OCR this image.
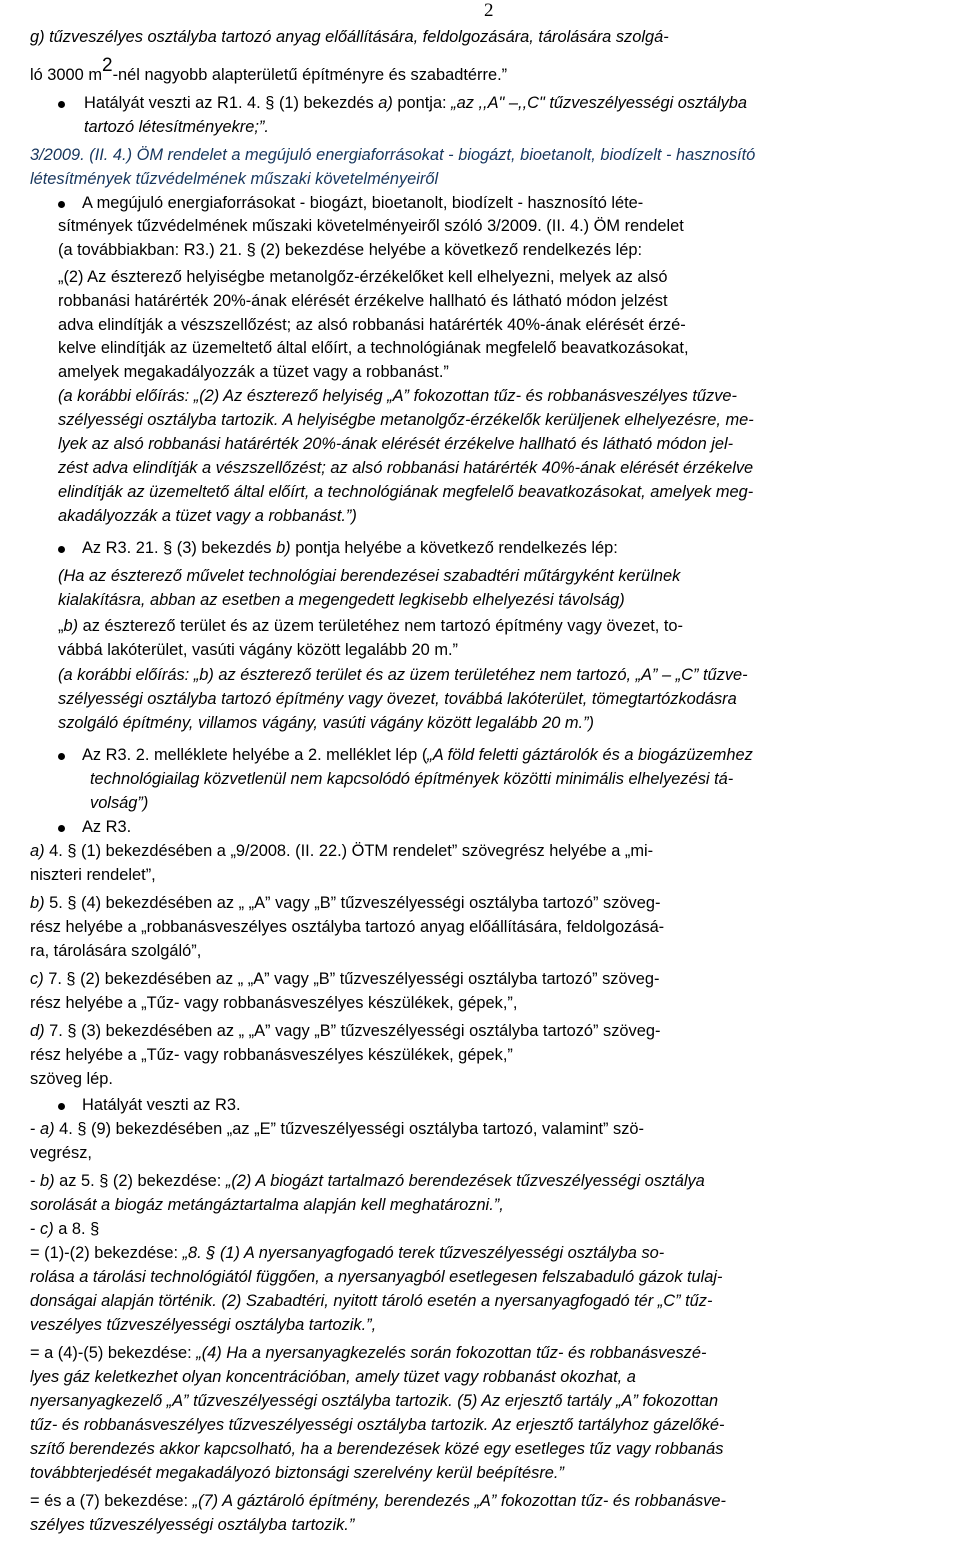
2
g) tűzveszélyes osztályba tartozó anyag előállítására, feldolgozására, tárolására szolgá-
ló 3000 m2-nél nagyobb alapterületű építményre és szabadtérre.”
Hatályát veszti az R1. 4. § (1) bekezdés a) pontja: „az ,,A" –,,C" tűzveszélyességi osztályba
tartozó létesítményekre;”.
3/2009. (II. 4.) ÖM rendelet a megújuló energiaforrásokat - biogázt, bioetanolt, biodízelt - hasznosító
létesítmények tűzvédelmének műszaki követelményeiről
A megújuló energiaforrásokat - biogázt, bioetanolt, biodízelt - hasznosító léte-
sítmények tűzvédelmének műszaki követelményeiről szóló 3/2009. (II. 4.) ÖM rendelet
(a továbbiakban: R3.) 21. § (2) bekezdése helyébe a következő rendelkezés lép:
„(2) Az észterező helyiségbe metanolgőz-érzékelőket kell elhelyezni, melyek az alsó
robbanási határérték 20%-ának elérését érzékelve hallható és látható módon jelzést
adva elindítják a vészszellőzést; az alsó robbanási határérték 40%-ának elérését érzé-
kelve elindítják az üzemeltető által előírt, a technológiának megfelelő beavatkozásokat,
amelyek megakadályozzák a tüzet vagy a robbanást.”
(a korábbi előírás: „(2) Az észterező helyiség „A” fokozottan tűz- és robbanásveszélyes tűzve-
szélyességi osztályba tartozik. A helyiségbe metanolgőz-érzékelők kerüljenek elhelyezésre, me-
lyek az alsó robbanási határérték 20%-ának elérését érzékelve hallható és látható módon jel-
zést adva elindítják a vészszellőzést; az alsó robbanási határérték 40%-ának elérését érzékelve
elindítják az üzemeltető által előírt, a technológiának megfelelő beavatkozásokat, amelyek meg-
akadályozzák a tüzet vagy a robbanást.”)
Az R3. 21. § (3) bekezdés b) pontja helyébe a következő rendelkezés lép:
(Ha az észterező művelet technológiai berendezései szabadtéri műtárgyként kerülnek
kialakításra, abban az esetben a megengedett legkisebb elhelyezési távolság)
„b) az észterező terület és az üzem területéhez nem tartozó építmény vagy övezet, to-
vábbá lakóterület, vasúti vágány között legalább 20 m.”
(a korábbi előírás: „b) az észterező terület és az üzem területéhez nem tartozó, „A” – „C” tűzve-
szélyességi osztályba tartozó építmény vagy övezet, továbbá lakóterület, tömegtartózkodásra
szolgáló építmény, villamos vágány, vasúti vágány között legalább 20 m.”)
Az R3. 2. melléklete helyébe a 2. melléklet lép („A föld feletti gáztárolók és a biogázüzemhez
technológiailag közvetlenül nem kapcsolódó építmények közötti minimális elhelyezési tá-
volság”)
Az R3.
a) 4. § (1) bekezdésében a „9/2008. (II. 22.) ÖTM rendelet” szövegrész helyébe a „mi-
niszteri rendelet”,
b) 5. § (4) bekezdésében az „ „A” vagy „B” tűzveszélyességi osztályba tartozó” szöveg-
rész helyébe a „robbanásveszélyes osztályba tartozó anyag előállítására, feldolgozásá-
ra, tárolására szolgáló”,
c) 7. § (2) bekezdésében az „ „A” vagy „B” tűzveszélyességi osztályba tartozó” szöveg-
rész helyébe a „Tűz- vagy robbanásveszélyes készülékek, gépek,”,
d) 7. § (3) bekezdésében az „ „A” vagy „B” tűzveszélyességi osztályba tartozó” szöveg-
rész helyébe a „Tűz- vagy robbanásveszélyes készülékek, gépek,”
szöveg lép.
Hatályát veszti az R3.
- a) 4. § (9) bekezdésében „az „E” tűzveszélyességi osztályba tartozó, valamint” szö-
vegrész,
- b) az 5. § (2) bekezdése: „(2) A biogázt tartalmazó berendezések tűzveszélyességi osztálya
sorolását a biogáz metángáztartalma alapján kell meghatározni.”,
- c) a 8. §
= (1)-(2) bekezdése: „8. § (1) A nyersanyagfogadó terek tűzveszélyességi osztályba so-
rolása a tárolási technológiától függően, a nyersanyagból esetlegesen felszabaduló gázok tulaj-
donságai alapján történik. (2) Szabadtéri, nyitott tároló esetén a nyersanyagfogadó tér „C” tűz-
veszélyes tűzveszélyességi osztályba tartozik.”,
= a (4)-(5) bekezdése: „(4) Ha a nyersanyagkezelés során fokozottan tűz- és robbanásveszé-
lyes gáz keletkezhet olyan koncentrációban, amely tüzet vagy robbanást okozhat, a
nyersanyagkezelő „A” tűzveszélyességi osztályba tartozik. (5) Az erjesztő tartály „A” fokozottan
tűz- és robbanásveszélyes tűzveszélyességi osztályba tartozik. Az erjesztő tartályhoz gázelőké-
szítő berendezés akkor kapcsolható, ha a berendezések közé egy esetleges tűz vagy robbanás
továbbterjedését megakadályozó biztonsági szerelvény kerül beépítésre.”
= és a (7) bekezdése: „(7) A gáztároló építmény, berendezés „A” fokozottan tűz- és robbanásve-
szélyes tűzveszélyességi osztályba tartozik.”
